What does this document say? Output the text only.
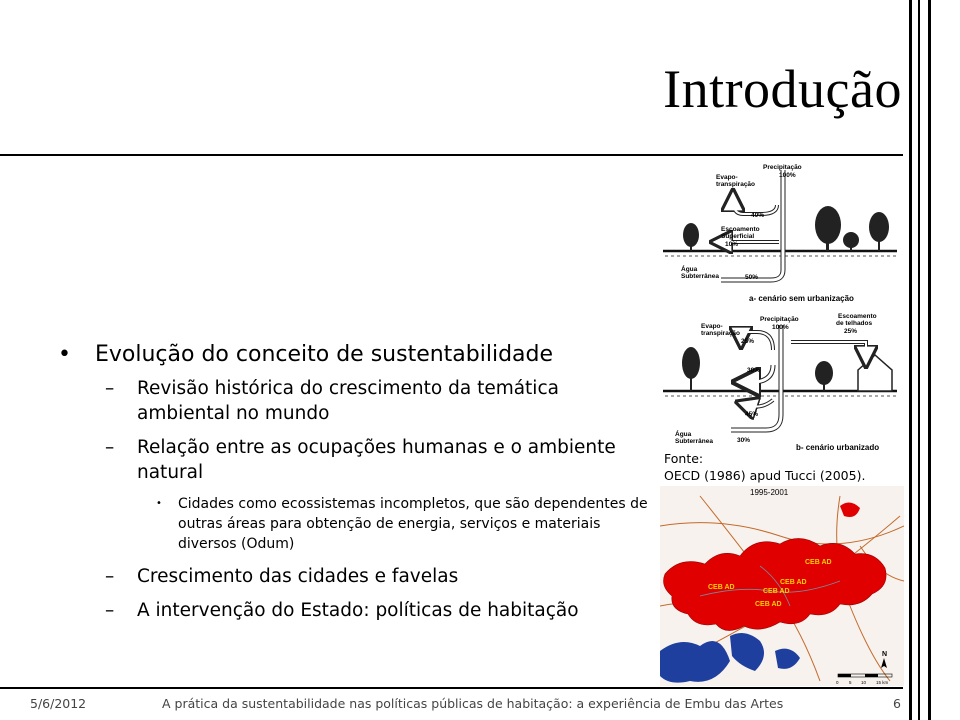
Introdução
• Evolução do conceito de sustentabilidade
– Revisão histórica do crescimento da temática ambiental no mundo
– Relação entre as ocupações humanas e o ambiente natural
• Cidades como ecossistemas incompletos, que são dependentes de outras áreas para obtenção de energia, serviços e materiais diversos (Odum)
– Crescimento das cidades e favelas
– A intervenção do Estado: políticas de habitação
Precipitação
100%
Evapo-
transpiração
40%
Escoamento
Superficial
10%
Água
Subterrânea	50%
a- cenário sem urbanização
Evapo-
transpiração
25%
Precipitação
100%
Escoamento
de telhados
25%
30%
45%
Água
Subterrânea	30%
b- cenário urbanizado
Fonte:
OECD (1986) apud Tucci (2005).
CEB AD
CEB AD
CEB AD
CEB AD
CEB AD
1995-2001
N
0 5 10 15 km
5/6/2012	A prática da sustentabilidade nas políticas públicas de habitação: a experiência de Embu das Artes	6
